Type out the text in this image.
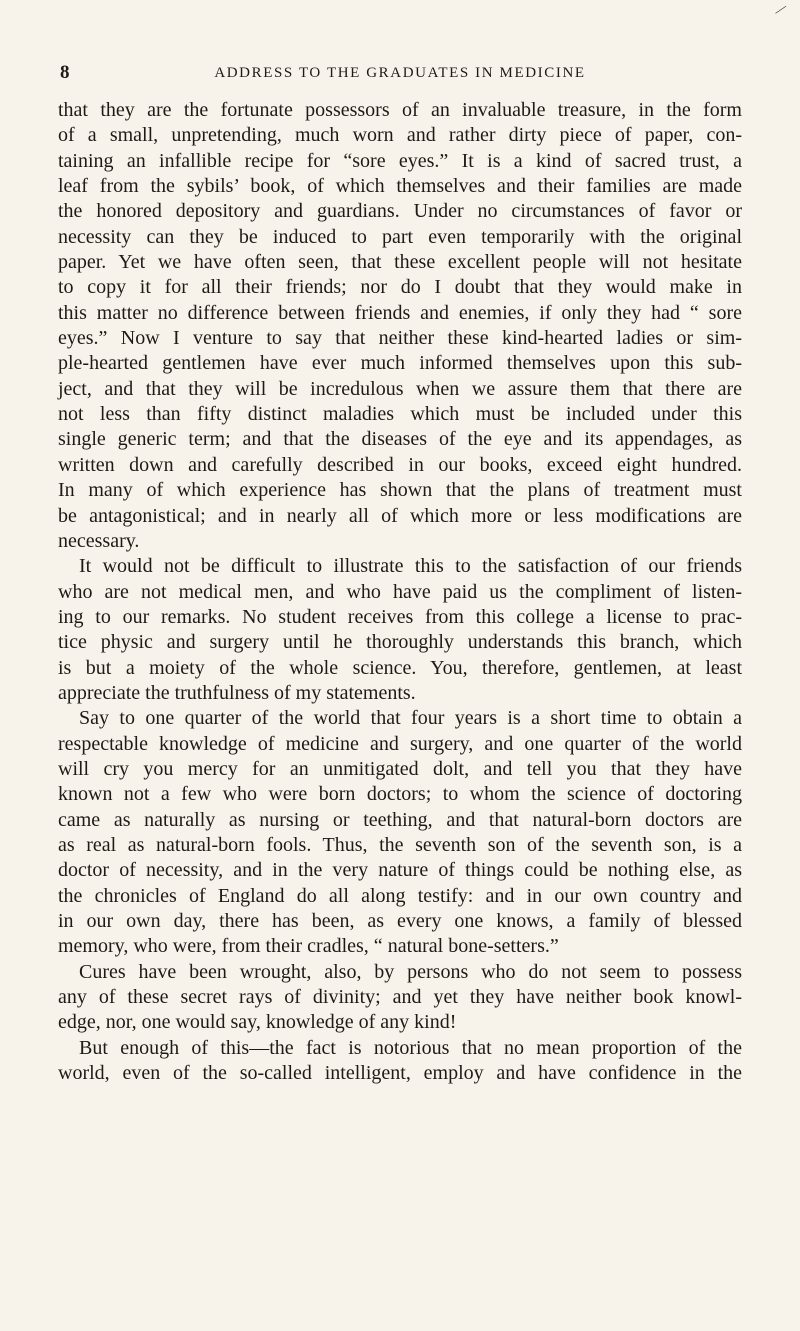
⁄
8	ADDRESS TO THE GRADUATES IN MEDICINE
that they are the fortunate possessors of an invaluable treasure, in the form
of a small, unpretending, much worn and rather dirty piece of paper, con-
taining an infallible recipe for “sore eyes.” It is a kind of sacred trust, a
leaf from the sybils’ book, of which themselves and their families are made
the honored depository and guardians. Under no circumstances of favor or
necessity can they be induced to part even temporarily with the original
paper. Yet we have often seen, that these excellent people will not hesitate
to copy it for all their friends; nor do I doubt that they would make in
this matter no difference between friends and enemies, if only they had “ sore
eyes.” Now I venture to say that neither these kind-hearted ladies or sim-
ple-hearted gentlemen have ever much informed themselves upon this sub-
ject, and that they will be incredulous when we assure them that there are
not less than fifty distinct maladies which must be included under this
single generic term; and that the diseases of the eye and its appendages, as
written down and carefully described in our books, exceed eight hundred.
In many of which experience has shown that the plans of treatment must
be antagonistical; and in nearly all of which more or less modifications are
necessary.
It would not be difficult to illustrate this to the satisfaction of our friends
who are not medical men, and who have paid us the compliment of listen-
ing to our remarks. No student receives from this college a license to prac-
tice physic and surgery until he thoroughly understands this branch, which
is but a moiety of the whole science. You, therefore, gentlemen, at least
appreciate the truthfulness of my statements.
Say to one quarter of the world that four years is a short time to obtain a
respectable knowledge of medicine and surgery, and one quarter of the world
will cry you mercy for an unmitigated dolt, and tell you that they have
known not a few who were born doctors; to whom the science of doctoring
came as naturally as nursing or teething, and that natural-born doctors are
as real as natural-born fools. Thus, the seventh son of the seventh son, is a
doctor of necessity, and in the very nature of things could be nothing else, as
the chronicles of England do all along testify: and in our own country and
in our own day, there has been, as every one knows, a family of blessed
memory, who were, from their cradles, “ natural bone-setters.”
Cures have been wrought, also, by persons who do not seem to possess
any of these secret rays of divinity; and yet they have neither book knowl-
edge, nor, one would say, knowledge of any kind!
But enough of this—the fact is notorious that no mean proportion of the
world, even of the so-called intelligent, employ and have confidence in the
